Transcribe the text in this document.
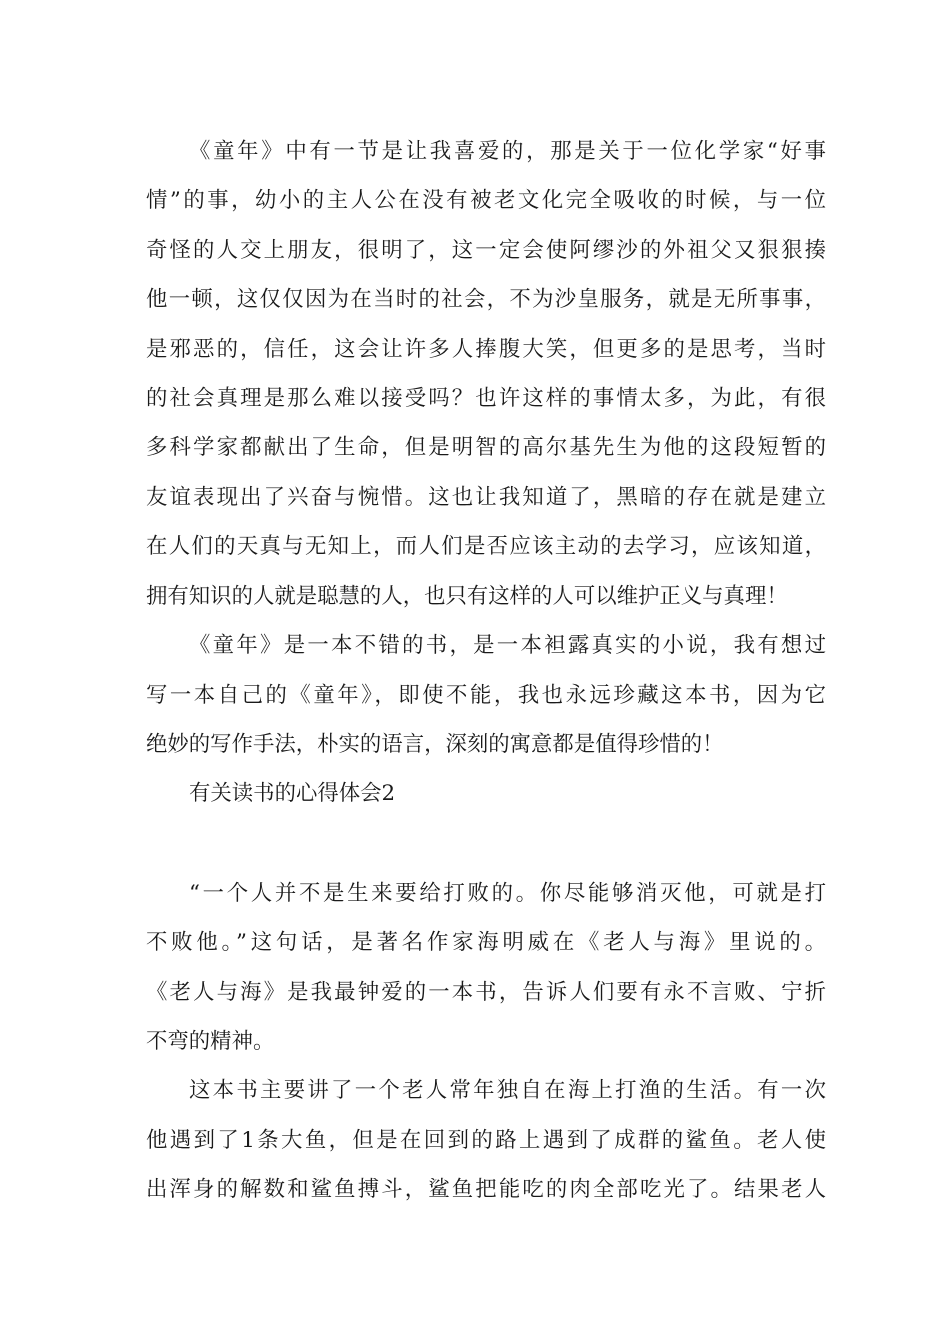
《童年》中有一节是让我喜爱的，那是关于一位化学家“好事
情”的事，幼小的主人公在没有被老文化完全吸收的时候，与一位
奇怪的人交上朋友，很明了，这一定会使阿缪沙的外祖父又狠狠揍
他一顿，这仅仅因为在当时的社会，不为沙皇服务，就是无所事事，
是邪恶的，信任，这会让许多人捧腹大笑，但更多的是思考，当时
的社会真理是那么难以接受吗？也许这样的事情太多，为此，有很
多科学家都献出了生命，但是明智的高尔基先生为他的这段短暂的
友谊表现出了兴奋与惋惜。这也让我知道了，黑暗的存在就是建立
在人们的天真与无知上，而人们是否应该主动的去学习，应该知道，
拥有知识的人就是聪慧的人，也只有这样的人可以维护正义与真理！
《童年》是一本不错的书，是一本袒露真实的小说，我有想过
写一本自己的《童年》，即使不能，我也永远珍藏这本书，因为它
绝妙的写作手法，朴实的语言，深刻的寓意都是值得珍惜的！
有关读书的心得体会2
“一个人并不是生来要给打败的。你尽能够消灭他，可就是打
不败他。”这句话，是著名作家海明威在《老人与海》里说的。
《老人与海》是我最钟爱的一本书，告诉人们要有永不言败、宁折
不弯的精神。
这本书主要讲了一个老人常年独自在海上打渔的生活。有一次
他遇到了1条大鱼，但是在回到的路上遇到了成群的鲨鱼。老人使
出浑身的解数和鲨鱼搏斗，鲨鱼把能吃的肉全部吃光了。结果老人
